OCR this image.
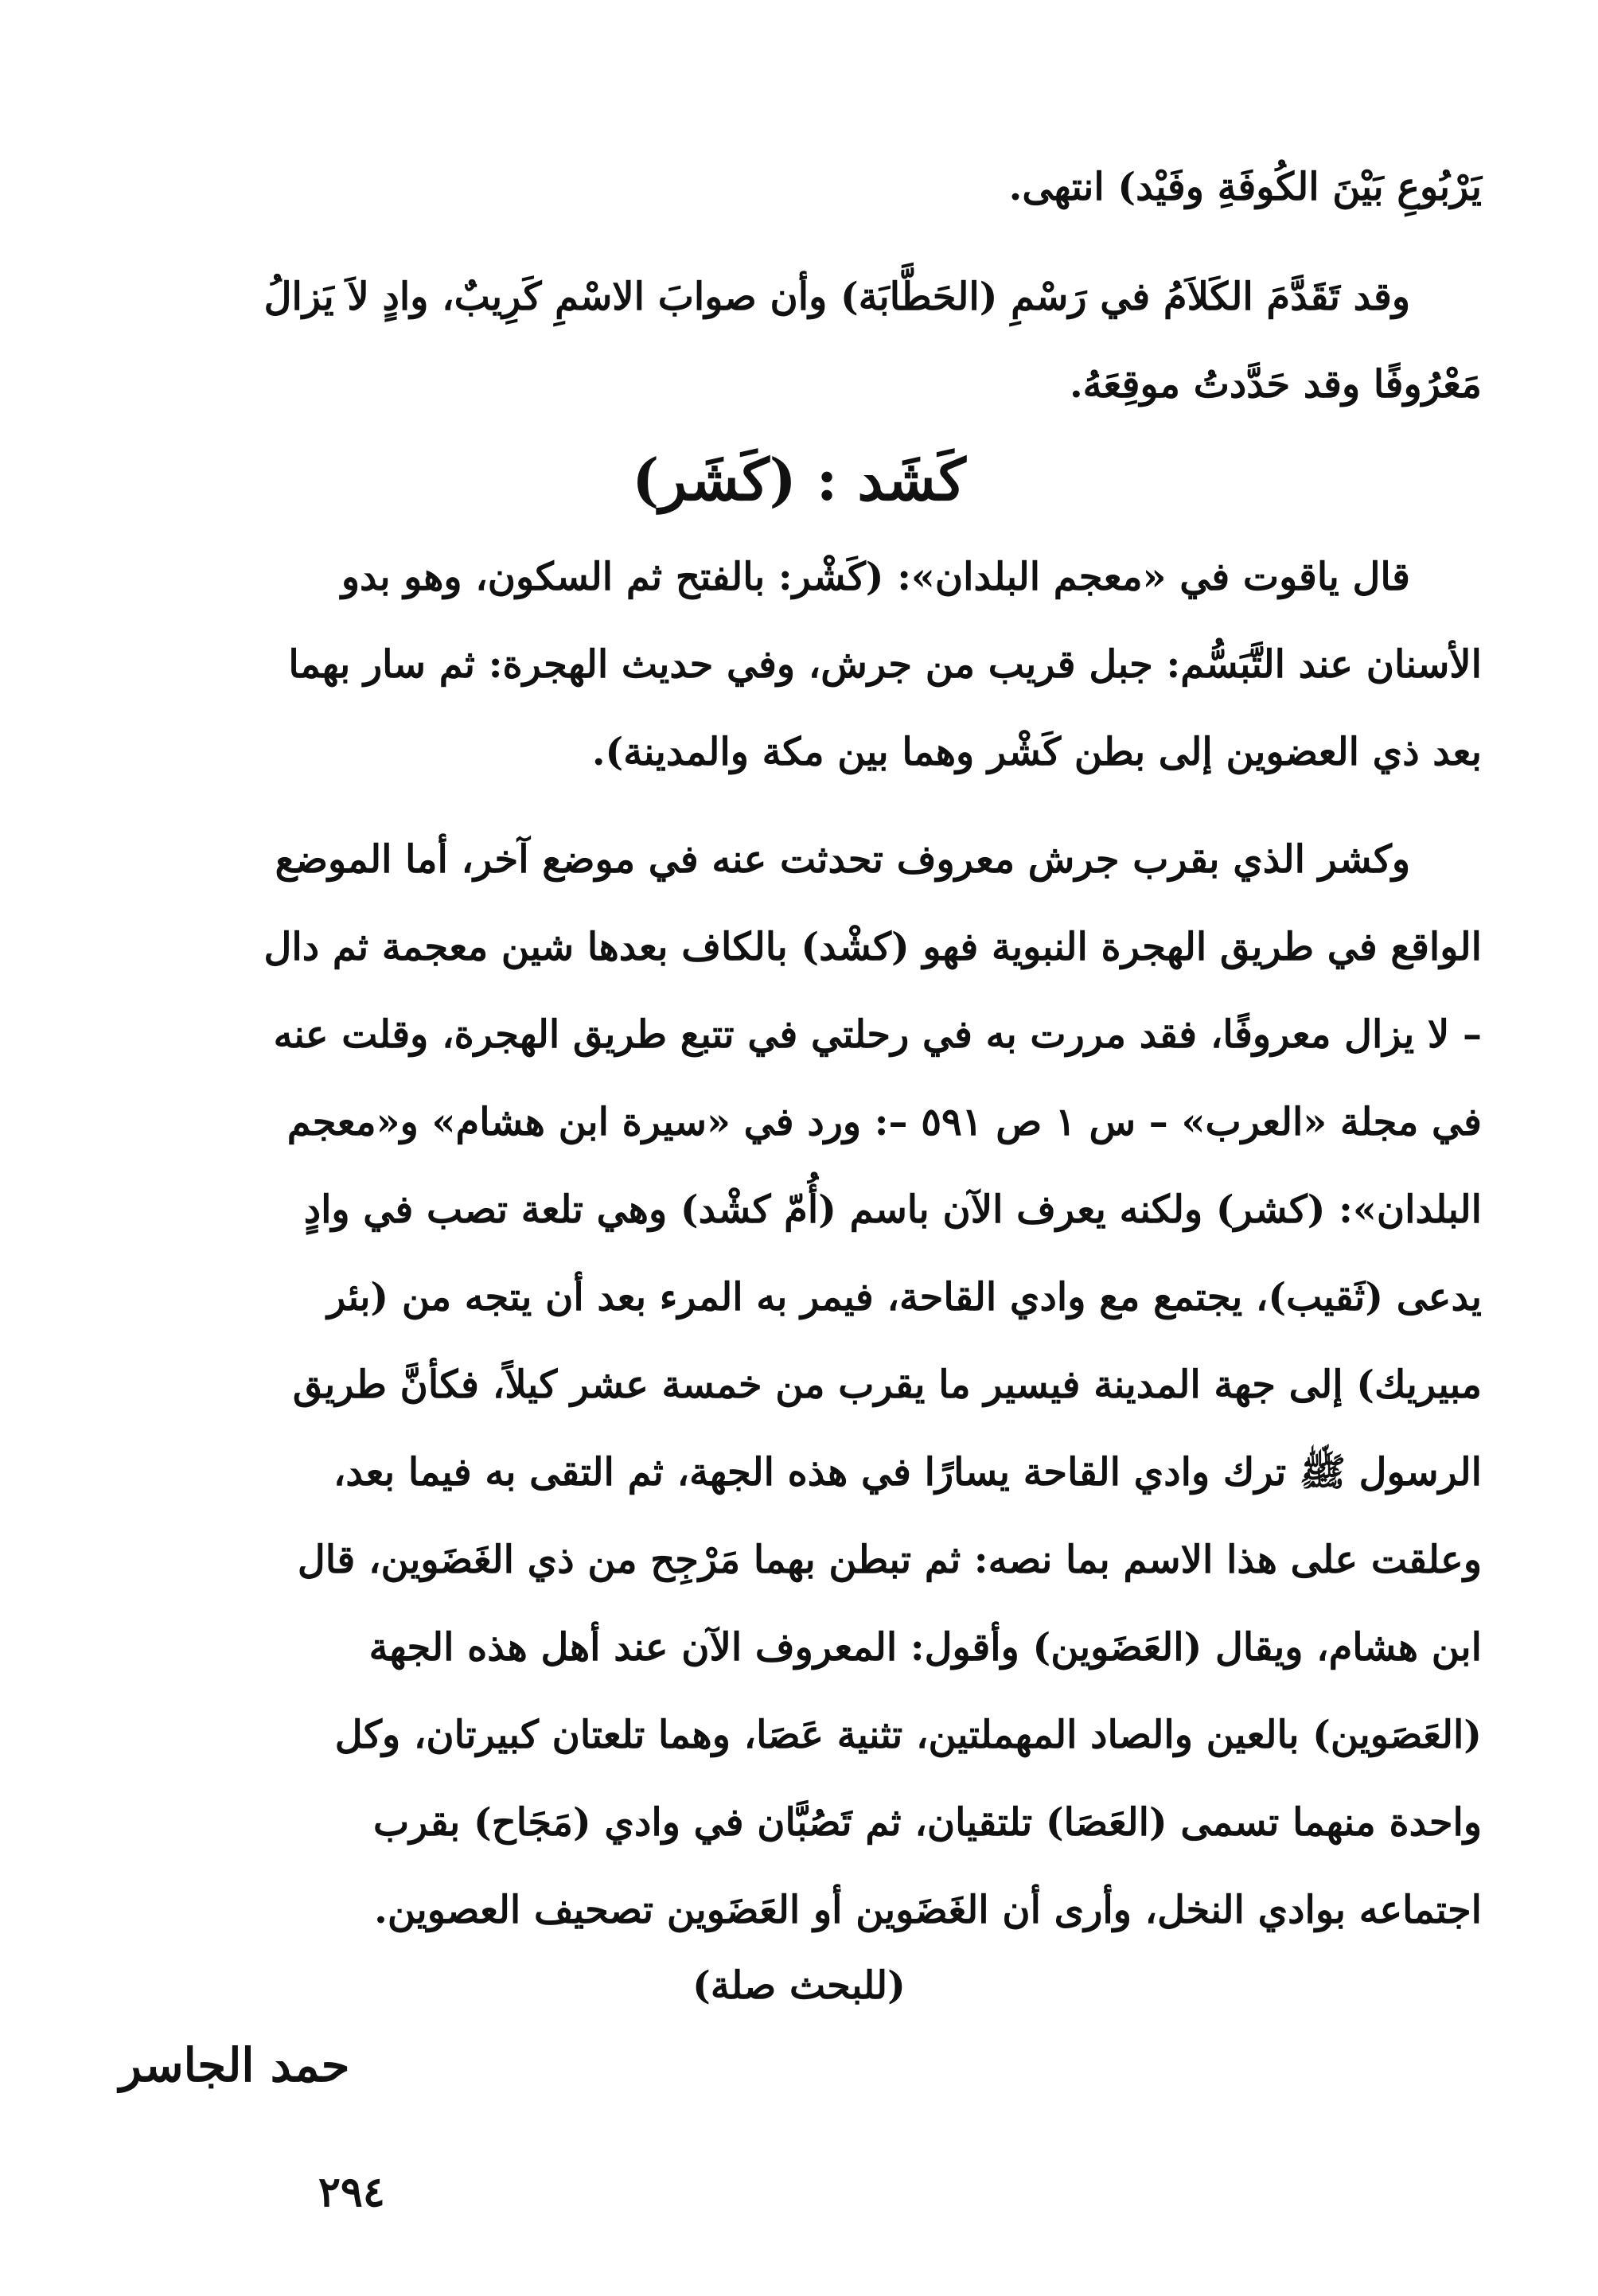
يَرْبُوعِ بَيْنَ الكُوفَةِ وفَيْد) انتهى.

وقد تَقَدَّمَ الكَلاَمُ في رَسْمِ (الحَطَّابَة) وأن صوابَ الاسْمِ كَرِيبٌ، وادٍ لاَ يَزالُ

مَعْرُوفًا وقد حَدَّدتُ موقِعَهُ.

كَشَد : (كَشَر)

قال ياقوت في «معجم البلدان»: (كَشْر: بالفتح ثم السكون، وهو بدو

الأسنان عند التَّبَسُّم: جبل قريب من جرش، وفي حديث الهجرة: ثم سار بهما

بعد ذي العضوين إلى بطن كَشْر وهما بين مكة والمدينة).

وكشر الذي بقرب جرش معروف تحدثت عنه في موضع آخر، أما الموضع

الواقع في طريق الهجرة النبوية فهو (كشْد) بالكاف بعدها شين معجمة ثم دال

– لا يزال معروفًا، فقد مررت به في رحلتي في تتبع طريق الهجرة، وقلت عنه

في مجلة «العرب» – س ١ ص ٥٩١ –: ورد في «سيرة ابن هشام» و«معجم

البلدان»: (كشر) ولكنه يعرف الآن باسم (أُمّ كشْد) وهي تلعة تصب في وادٍ

يدعى (ثَقيب)، يجتمع مع وادي القاحة، فيمر به المرء بعد أن يتجه من (بئر

مبيريك) إلى جهة المدينة فيسير ما يقرب من خمسة عشر كيلاً، فكأنَّ طريق

الرسول ﷺ ترك وادي القاحة يسارًا في هذه الجهة، ثم التقى به فيما بعد،

وعلقت على هذا الاسم بما نصه: ثم تبطن بهما مَرْجِح من ذي الغَضَوين، قال

ابن هشام، ويقال (العَضَوين) وأقول: المعروف الآن عند أهل هذه الجهة

(العَصَوين) بالعين والصاد المهملتين، تثنية عَصَا، وهما تلعتان كبيرتان، وكل

واحدة منهما تسمى (العَصَا) تلتقيان، ثم تَصُبَّان في وادي (مَجَاح) بقرب

اجتماعه بوادي النخل، وأرى أن الغَضَوين أو العَضَوين تصحيف العصوين.

(للبحث صلة)
حمد الجاسر
٢٩٤
